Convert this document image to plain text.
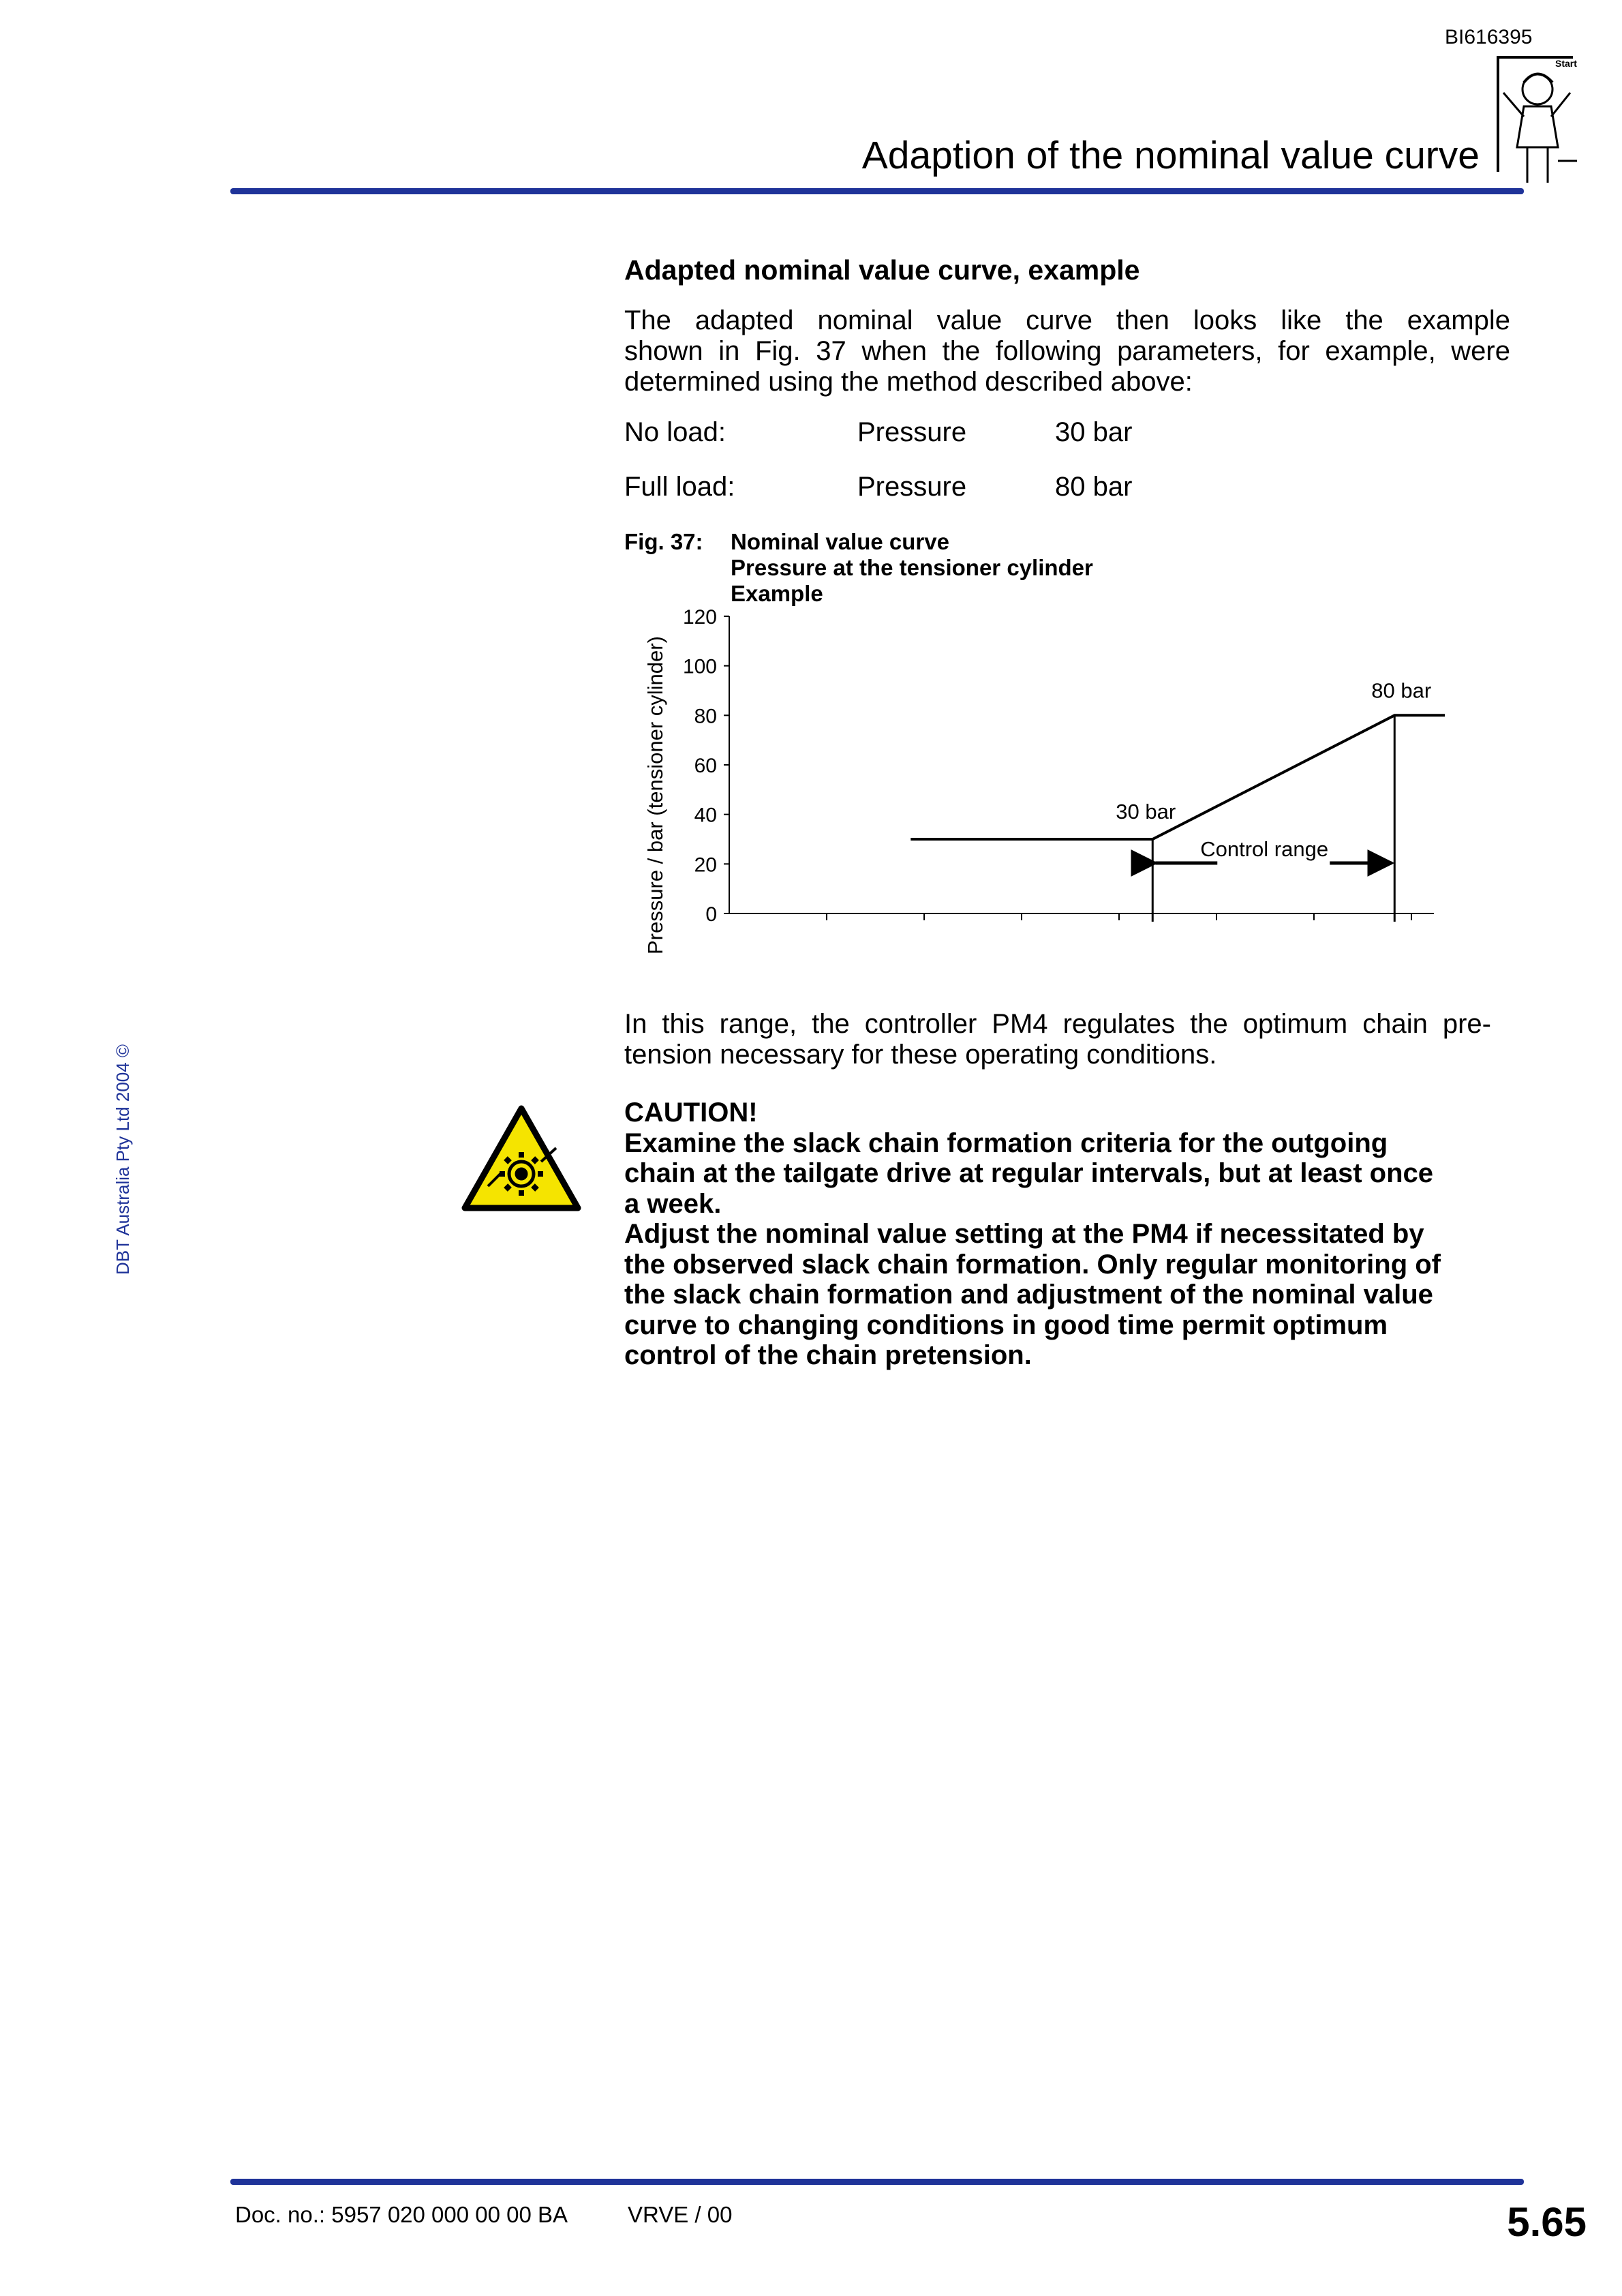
BI616395
Adaption of the nominal value curve
Start
DBT Australia Pty Ltd 2004 ©
Adapted nominal value curve, example
The adapted nominal value curve then looks like the example
shown in Fig. 37 when the following parameters, for example, were
determined using the method described above:
No load:	Pressure	30 bar
Full load:	Pressure	80 bar
Fig. 37: Nominal value curve
Pressure at the tensioner cylinder
Example
Pressure / bar (tensioner cylinder) 0
20
40
60
80
100
120
30 bar
80 bar
Control range
In this range, the controller PM4 regulates the optimum chain pre-
tension necessary for these operating conditions.
CAUTION!
Examine the slack chain formation criteria for the outgoing
chain at the tailgate drive at regular intervals, but at least once
a week.
Adjust the nominal value setting at the PM4 if necessitated by
the observed slack chain formation. Only regular monitoring of
the slack chain formation and adjustment of the nominal value
curve to changing conditions in good time permit optimum
control of the chain pretension.
Doc. no.: 5957 020 000 00 00 BA	VRVE / 00	5.65
